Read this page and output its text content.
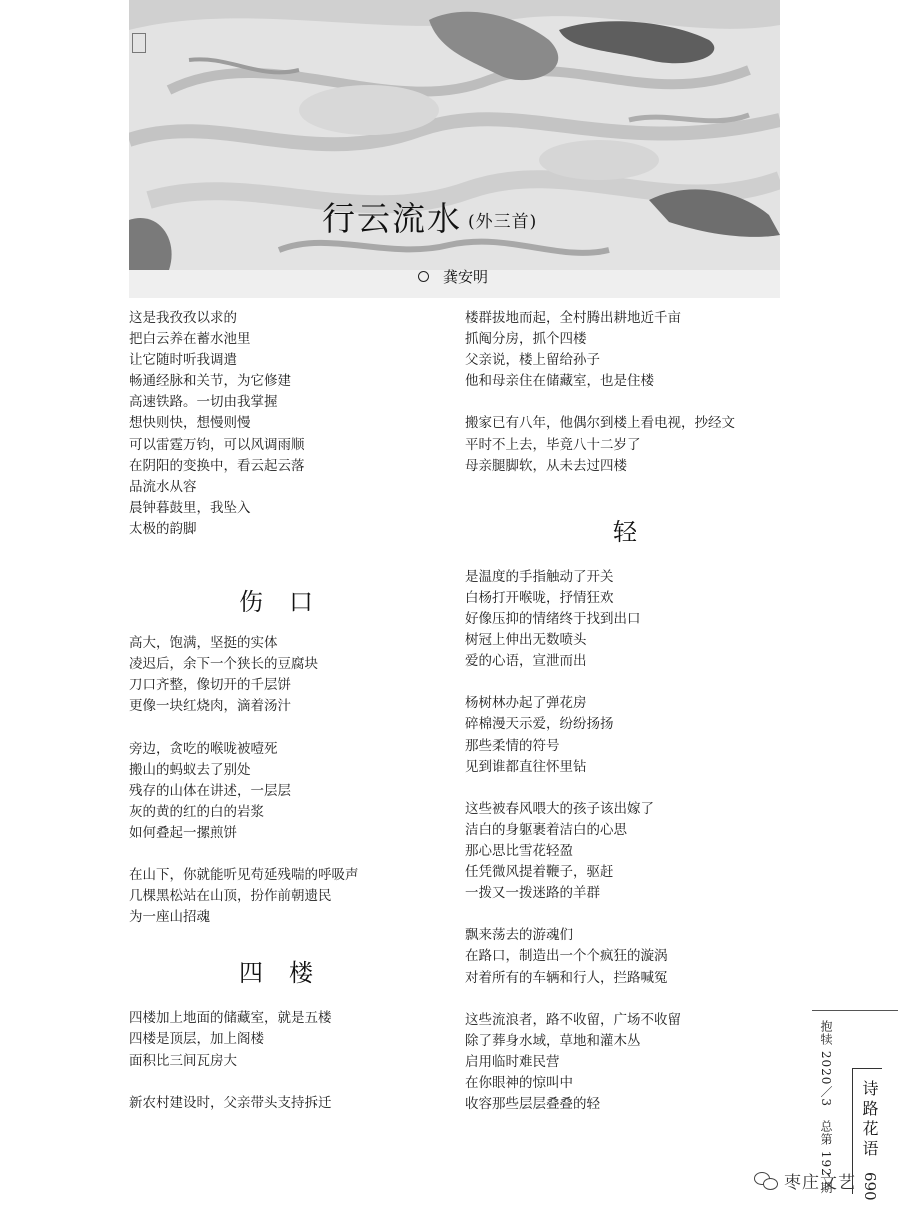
行云流水 (外三首)
龚安明
这是我孜孜以求的
把白云养在蓄水池里
让它随时听我调遣
畅通经脉和关节，为它修建
高速铁路。一切由我掌握
想快则快，想慢则慢
可以雷霆万钧，可以风调雨顺
在阴阳的变换中，看云起云落
品流水从容
晨钟暮鼓里，我坠入
太极的韵脚
伤口
高大，饱满，坚挺的实体
凌迟后，余下一个狭长的豆腐块
刀口齐整，像切开的千层饼
更像一块红烧肉，滴着汤汁
旁边，贪吃的喉咙被噎死
搬山的蚂蚁去了别处
残存的山体在讲述，一层层
灰的黄的红的白的岩浆
如何叠起一摞煎饼
在山下，你就能听见苟延残喘的呼吸声
几棵黑松站在山顶，扮作前朝遗民
为一座山招魂
四楼
四楼加上地面的储藏室，就是五楼
四楼是顶层，加上阁楼
面积比三间瓦房大
新农村建设时，父亲带头支持拆迁
楼群拔地而起，全村腾出耕地近千亩
抓阄分房，抓个四楼
父亲说，楼上留给孙子
他和母亲住在储藏室，也是住楼
搬家已有八年，他偶尔到楼上看电视，抄经文
平时不上去，毕竟八十二岁了
母亲腿脚软，从未去过四楼
轻
是温度的手指触动了开关
白杨打开喉咙，抒情狂欢
好像压抑的情绪终于找到出口
树冠上伸出无数喷头
爱的心语，宣泄而出
杨树林办起了弹花房
碎棉漫天示爱，纷纷扬扬
那些柔情的符号
见到谁都直往怀里钻
这些被春风喂大的孩子该出嫁了
洁白的身躯裹着洁白的心思
那心思比雪花轻盈
任凭微风提着鞭子，驱赶
一拨又一拨迷路的羊群
飘来荡去的游魂们
在路口，制造出一个个疯狂的漩涡
对着所有的车辆和行人，拦路喊冤
这些流浪者，路不收留，广场不收留
除了葬身水域，草地和灌木丛
启用临时难民营
在你眼神的惊叫中
收容那些层层叠叠的轻	抱犊 2020／3　总第 192 期 诗路花语
069
枣庄文艺
